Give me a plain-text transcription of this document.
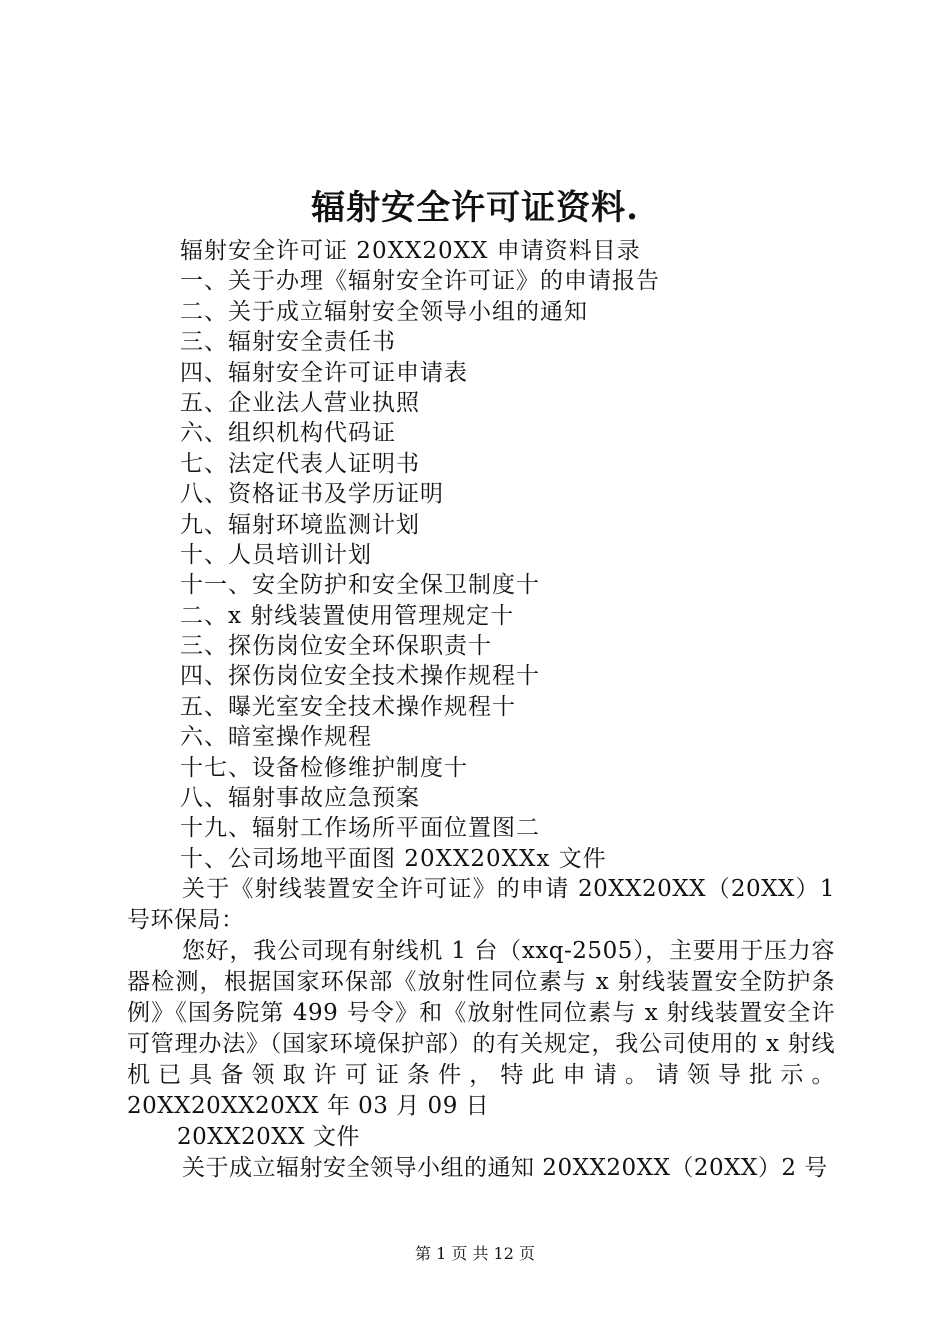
辐射安全许可证资料.
辐射安全许可证 20XX20XX 申请资料目录
一、关于办理《辐射安全许可证》的申请报告
二、关于成立辐射安全领导小组的通知
三、辐射安全责任书
四、辐射安全许可证申请表
五、企业法人营业执照
六、组织机构代码证
七、法定代表人证明书
八、资格证书及学历证明
九、辐射环境监测计划
十、人员培训计划
十一、安全防护和安全保卫制度十
二、x 射线装置使用管理规定十
三、探伤岗位安全环保职责十
四、探伤岗位安全技术操作规程十
五、曝光室安全技术操作规程十
六、暗室操作规程
十七、设备检修维护制度十
八、辐射事故应急预案
十九、辐射工作场所平面位置图二
十、公司场地平面图 20XX20XXx 文件

关于《射线装置安全许可证》的申请 20XX20XX（20XX）1 号环保局：

您好，我公司现有射线机 1 台（xxq-2505），主要用于压力容器检测，根据国家环保部《放射性同位素与 x 射线装置安全防护条例》《国务院第 499 号令》和《放射性同位素与 x 射线装置安全许可管理办法》（国家环境保护部）的有关规定，我公司使用的 x 射线机已具备领取许可证条件，特此申请。请领导批示。20XX20XX20XX 年 03 月 09 日

20XX20XX 文件

关于成立辐射安全领导小组的通知 20XX20XX（20XX）2 号

第 1 页 共 12 页
